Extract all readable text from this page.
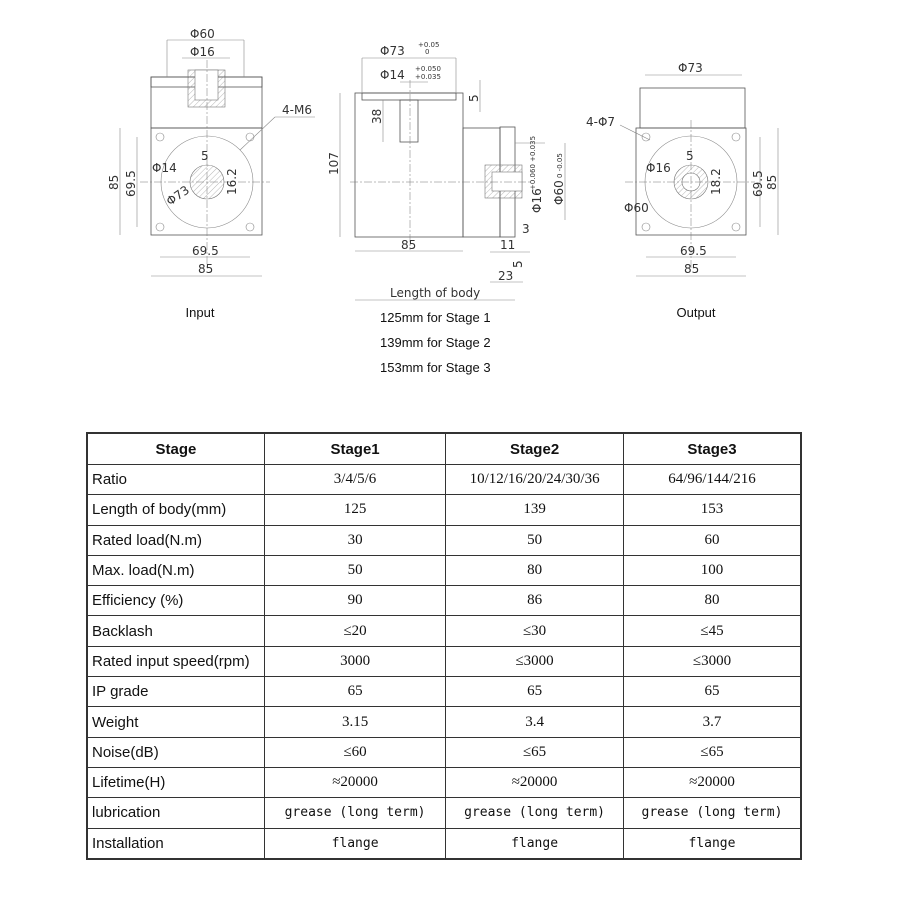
Φ60
Φ16
4-M6
Φ14
5
16.2
Φ73
85 69.5
69.5
85
Φ73 +0.05
0
Φ14 +0.050
+0.035
5
38
107
85
Φ16
+0.060 +0.035
Φ60
0 -0.05
3
11
5
23
Length of body
Φ73
4-Φ7
Φ16
5
18.2
Φ60
69.5 85
69.5
85
Input	Output
125mm for Stage 1
139mm for Stage 2
153mm for Stage 3
Stage	Stage1	Stage2	Stage3
Ratio	3/4/5/6	10/12/16/20/24/30/36	64/96/144/216
Length of body(mm)	125	139	153
Rated load(N.m)	30	50	60
Max. load(N.m)	50	80	100
Efficiency (%)	90	86	80
Backlash	≤20	≤30	≤45
Rated input speed(rpm)	3000	≤3000	≤3000
IP grade	65	65	65
Weight	3.15	3.4	3.7
Noise(dB)	≤60	≤65	≤65
Lifetime(H)	≈20000	≈20000	≈20000
lubrication	grease (long term)	grease (long term)	grease (long term)
Installation	flange	flange	flange
